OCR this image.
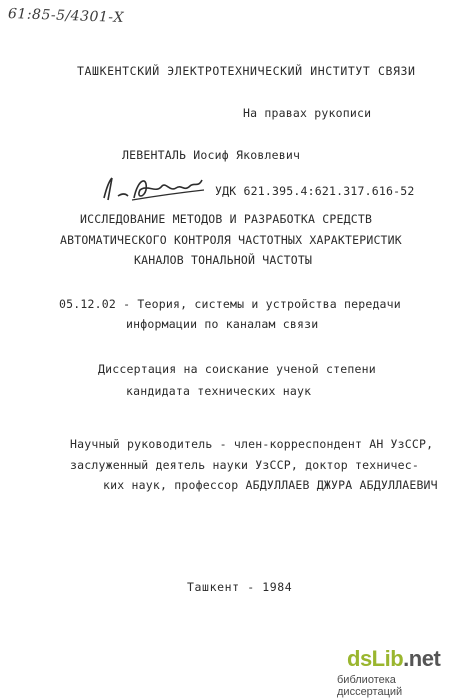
61:85-5/4301-Х
ТАШКЕНТСКИЙ ЭЛЕКТРОТЕХНИЧЕСКИЙ ИНСТИТУТ СВЯЗИ
На правах рукописи
ЛЕВЕНТАЛЬ Иосиф Яковлевич
УДК 621.395.4:621.317.616-52
ИССЛЕДОВАНИЕ МЕТОДОВ И РАЗРАБОТКА СРЕДСТВ
АВТОМАТИЧЕСКОГО КОНТРОЛЯ ЧАСТОТНЫХ ХАРАКТЕРИСТИК
КАНАЛОВ ТОНАЛЬНОЙ ЧАСТОТЫ
05.12.02 - Теория, системы и устройства передачи
информации по каналам связи
Диссертация на соискание ученой степени
кандидата технических наук
Научный руководитель - член-корреспондент АН УзССР,
заслуженный деятель науки УзССР, доктор техничес-
ких наук, профессор АБДУЛЛАЕВ ДЖУРА АБДУЛЛАЕВИЧ
Ташкент - 1984
dsLib.net
библиотека диссертаций
